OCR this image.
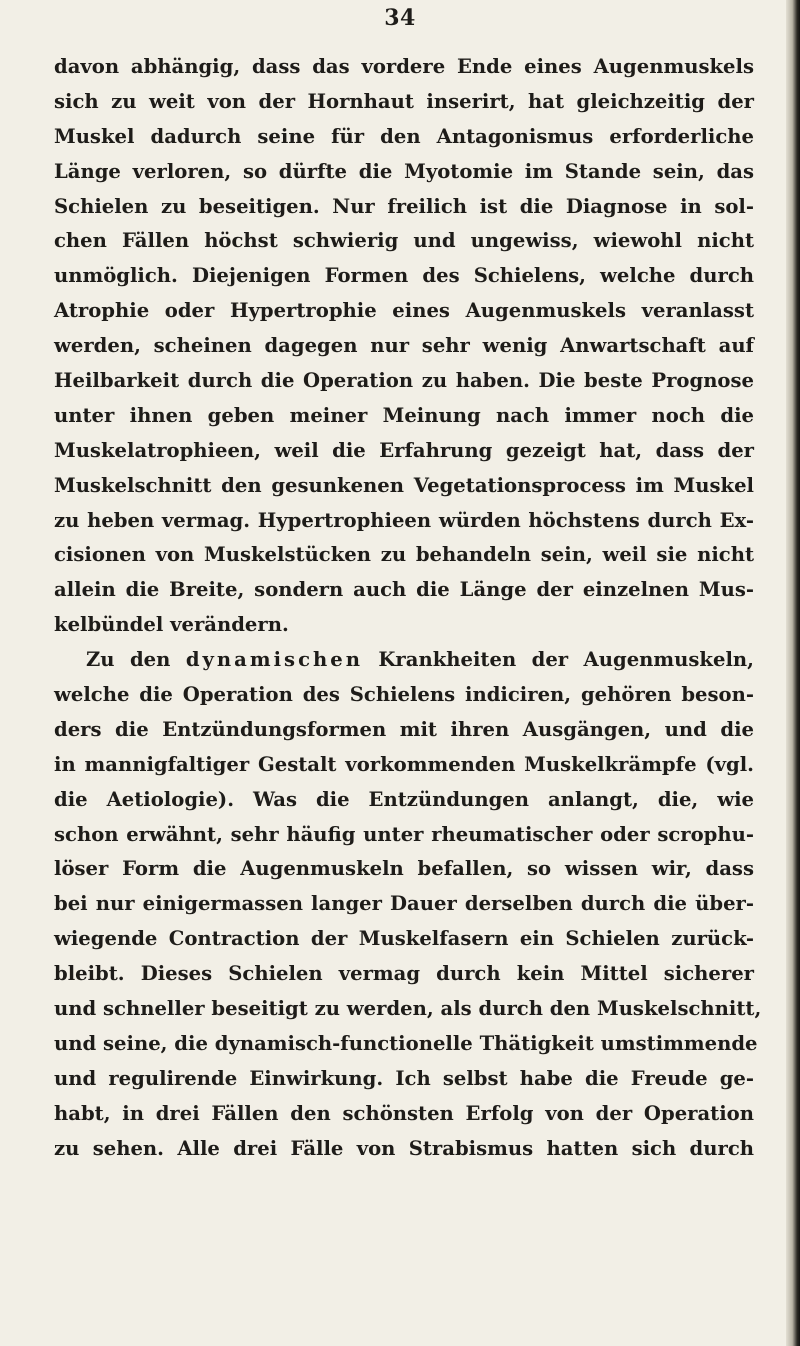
34
davon abhängig, dass das vordere Ende eines Augenmuskels
sich zu weit von der Hornhaut inserirt, hat gleichzeitig der
Muskel dadurch seine für den Antagonismus erforderliche
Länge verloren, so dürfte die Myotomie im Stande sein, das
Schielen zu beseitigen. Nur freilich ist die Diagnose in sol-
chen Fällen höchst schwierig und ungewiss, wiewohl nicht
unmöglich. Diejenigen Formen des Schielens, welche durch
Atrophie oder Hypertrophie eines Augenmuskels veranlasst
werden, scheinen dagegen nur sehr wenig Anwartschaft auf
Heilbarkeit durch die Operation zu haben. Die beste Prognose
unter ihnen geben meiner Meinung nach immer noch die
Muskelatrophieen, weil die Erfahrung gezeigt hat, dass der
Muskelschnitt den gesunkenen Vegetationsprocess im Muskel
zu heben vermag. Hypertrophieen würden höchstens durch Ex-
cisionen von Muskelstücken zu behandeln sein, weil sie nicht
allein die Breite, sondern auch die Länge der einzelnen Mus-
kelbündel verändern.
Zu den dynamischen Krankheiten der Augenmuskeln,
welche die Operation des Schielens indiciren, gehören beson-
ders die Entzündungsformen mit ihren Ausgängen, und die
in mannigfaltiger Gestalt vorkommenden Muskelkrämpfe (vgl.
die Aetiologie). Was die Entzündungen anlangt, die, wie
schon erwähnt, sehr häufig unter rheumatischer oder scrophu-
löser Form die Augenmuskeln befallen, so wissen wir, dass
bei nur einigermassen langer Dauer derselben durch die über-
wiegende Contraction der Muskelfasern ein Schielen zurück-
bleibt. Dieses Schielen vermag durch kein Mittel sicherer
und schneller beseitigt zu werden, als durch den Muskelschnitt,
und seine, die dynamisch-functionelle Thätigkeit umstimmende
und regulirende Einwirkung. Ich selbst habe die Freude ge-
habt, in drei Fällen den schönsten Erfolg von der Operation
zu sehen. Alle drei Fälle von Strabismus hatten sich durch
